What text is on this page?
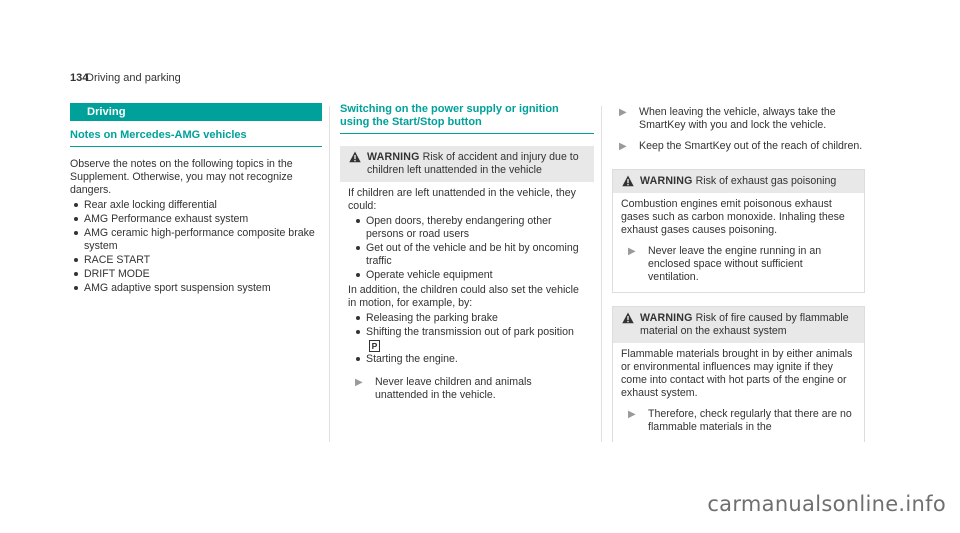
134
Driving and parking
Driving
Notes on Mercedes-AMG vehicles

Observe the notes on the following topics in the Supplement. Otherwise, you may not recognize dangers.

Rear axle locking differential
AMG Performance exhaust system
AMG ceramic high-performance composite brake system
RACE START
DRIFT MODE
AMG adaptive sport suspension system
Switching on the power supply or ignition
using the Start/Stop button
WARNING Risk of accident and injury due to children left unattended in the vehicle

If children are left unattended in the vehicle, they could:

Open doors, thereby endangering other persons or road users
Get out of the vehicle and be hit by oncoming traffic
Operate vehicle equipment

In addition, the children could also set the vehicle in motion, for example, by:

Releasing the parking brake
Shifting the transmission out of park positionP
Starting the engine.
▶ Never leave children and animals unattended in the vehicle.
▶ When leaving the vehicle, always take the SmartKey with you and lock the vehicle.
▶ Keep the SmartKey out of the reach of children.
WARNING Risk of exhaust gas poisoning

Combustion engines emit poisonous exhaust gases such as carbon monoxide. Inhaling these exhaust gases causes poisoning.

▶ Never leave the engine running in an enclosed space without sufficient ventilation.
WARNING Risk of fire caused by flammable material on the exhaust system

Flammable materials brought in by either animals or environmental influences may ignite if they come into contact with hot parts of the engine or exhaust system.

▶ Therefore, check regularly that there are no flammable materials in the
carmanualsonline.info
